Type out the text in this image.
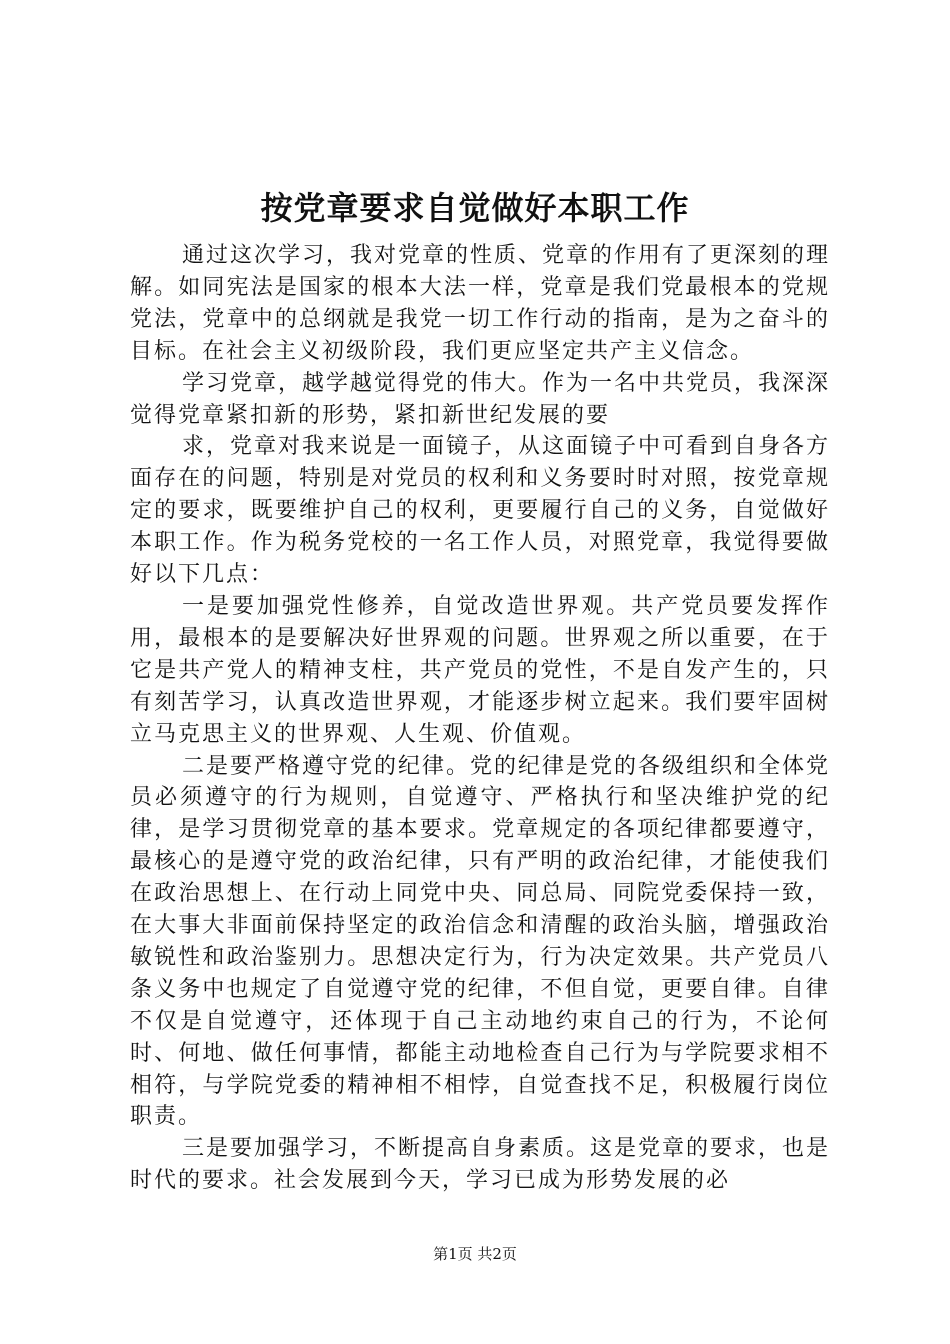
按党章要求自觉做好本职工作

通过这次学习，我对党章的性质、党章的作用有了更深刻的理解。如同宪法是国家的根本大法一样，党章是我们党最根本的党规党法，党章中的总纲就是我党一切工作行动的指南，是为之奋斗的目标。在社会主义初级阶段，我们更应坚定共产主义信念。

学习党章，越学越觉得党的伟大。作为一名中共党员，我深深觉得党章紧扣新的形势，紧扣新世纪发展的要

求，党章对我来说是一面镜子，从这面镜子中可看到自身各方面存在的问题，特别是对党员的权利和义务要时时对照，按党章规定的要求，既要维护自己的权利，更要履行自己的义务，自觉做好本职工作。作为税务党校的一名工作人员，对照党章，我觉得要做好以下几点：

一是要加强党性修养，自觉改造世界观。共产党员要发挥作用，最根本的是要解决好世界观的问题。世界观之所以重要，在于它是共产党人的精神支柱，共产党员的党性，不是自发产生的，只有刻苦学习，认真改造世界观，才能逐步树立起来。我们要牢固树立马克思主义的世界观、人生观、价值观。

二是要严格遵守党的纪律。党的纪律是党的各级组织和全体党员必须遵守的行为规则，自觉遵守、严格执行和坚决维护党的纪律，是学习贯彻党章的基本要求。党章规定的各项纪律都要遵守，最核心的是遵守党的政治纪律，只有严明的政治纪律，才能使我们在政治思想上、在行动上同党中央、同总局、同院党委保持一致，在大事大非面前保持坚定的政治信念和清醒的政治头脑，增强政治敏锐性和政治鉴别力。思想决定行为，行为决定效果。共产党员八条义务中也规定了自觉遵守党的纪律，不但自觉，更要自律。自律不仅是自觉遵守，还体现于自己主动地约束自己的行为，不论何时、何地、做任何事情，都能主动地检查自己行为与学院要求相不相符，与学院党委的精神相不相悖，自觉查找不足，积极履行岗位职责。

三是要加强学习，不断提高自身素质。这是党章的要求，也是时代的要求。社会发展到今天，学习已成为形势发展的必

第1页 共2页
